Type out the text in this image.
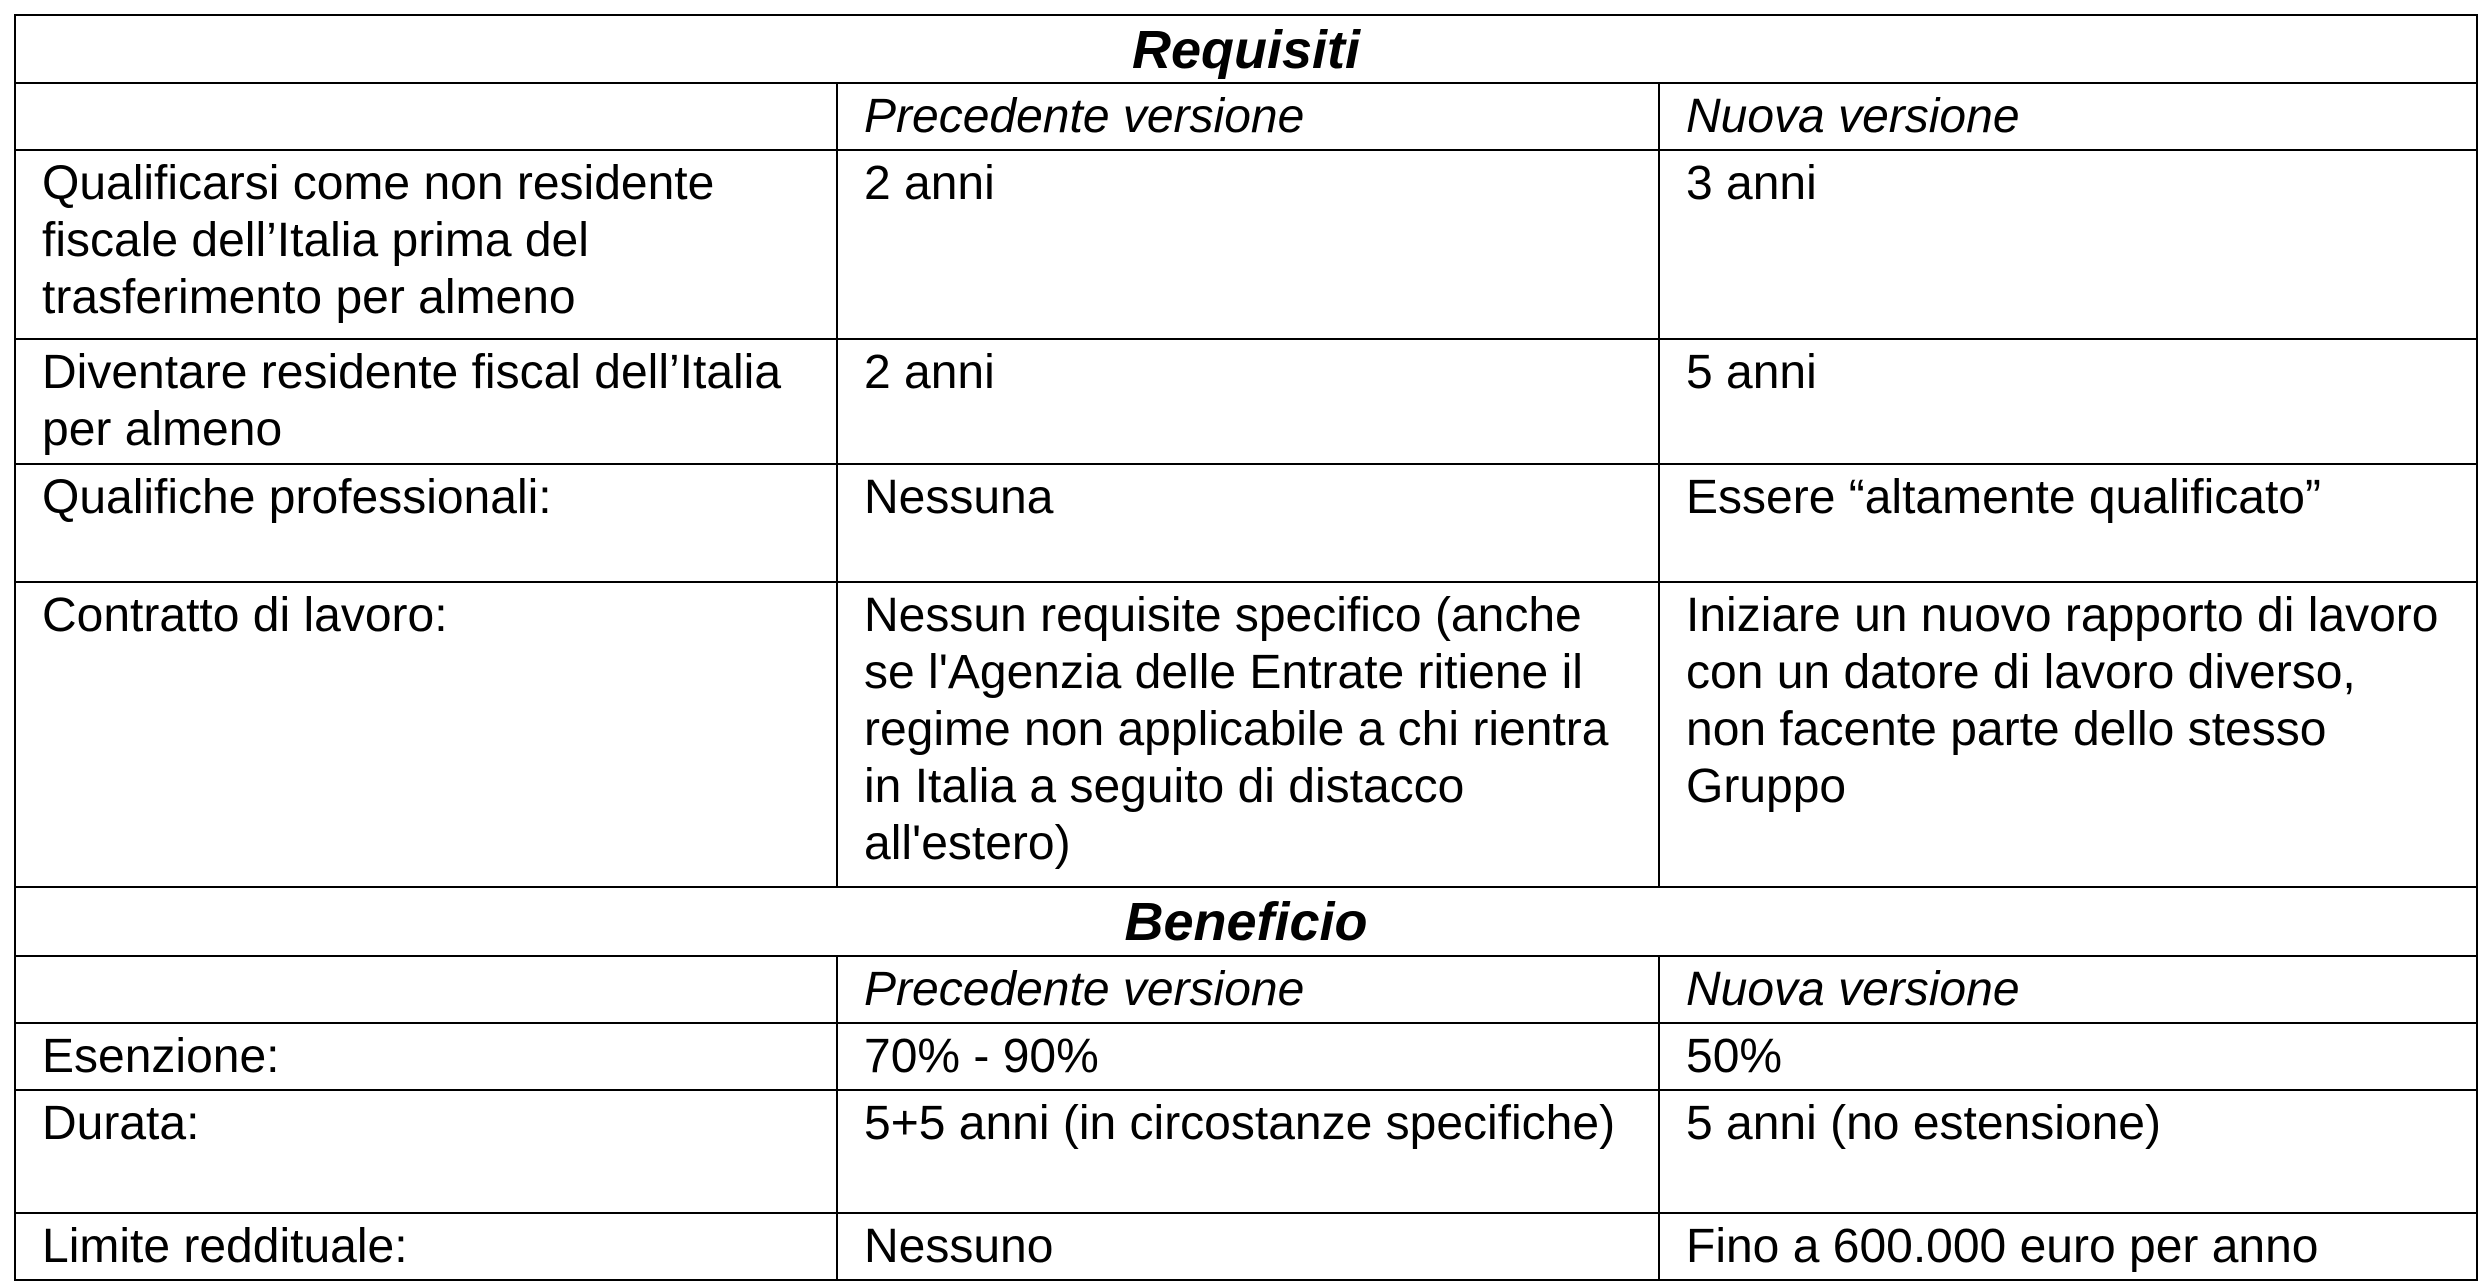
Requisiti		
	Precedente versione	Nuova versione
Qualificarsi come non residente fiscale dell’Italia prima del trasferimento per almeno	2 anni	3 anni
Diventare residente fiscal dell’Italia per almeno	2 anni	5 anni
Qualifiche professionali:	Nessuna	Essere “altamente qualificato”
Contratto di lavoro:	Nessun requisite specifico (anche se l'Agenzia delle Entrate ritiene il regime non applicabile a chi rientra in Italia a seguito di distacco all'estero)	Iniziare un nuovo rapporto di lavoro con un datore di lavoro diverso, non facente parte dello stesso Gruppo
Beneficio		
	Precedente versione	Nuova versione
Esenzione:	70% - 90%	50%
Durata:	5+5 anni (in circostanze specifiche)	5 anni (no estensione)
Limite reddituale:	Nessuno	Fino a 600.000 euro per anno
